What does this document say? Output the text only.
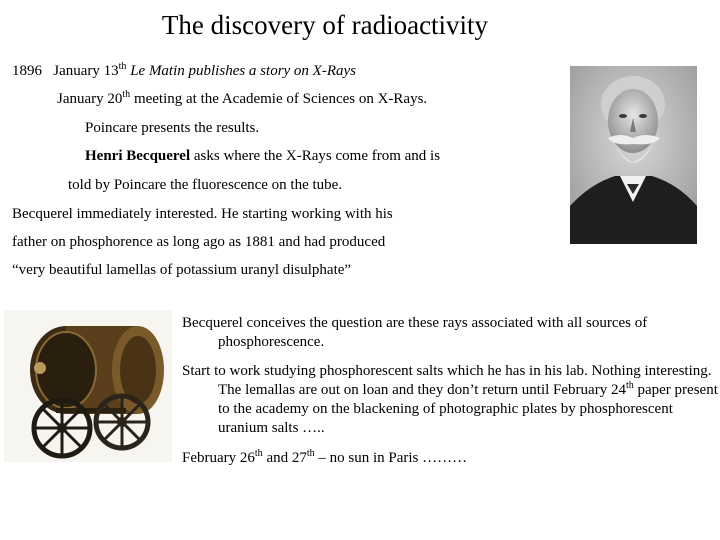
The discovery of radioactivity
1896 January 13th Le Matin publishes a story on X-Rays
January 20th meeting at the Academie of Sciences on X-Rays.
Poincare presents the results.
Henri Becquerel asks where the X-Rays come from and is
told by Poincare the fluorescence on the tube.
Becquerel immediately interested. He starting working with his
father on phosphorence as long ago as 1881 and had produced
“very beautiful lamellas of potassium uranyl disulphate”
Becquerel conceives the question are these rays associated with all sources of phosphorescence.
Start to work studying phosphorescent salts which he has in his lab. Nothing interesting. The lemallas are out on loan and they don’t return until February 24th paper present to the academy on the blackening of photographic plates by phosphorescent uranium salts …..
February 26th and 27th – no sun in Paris ………
